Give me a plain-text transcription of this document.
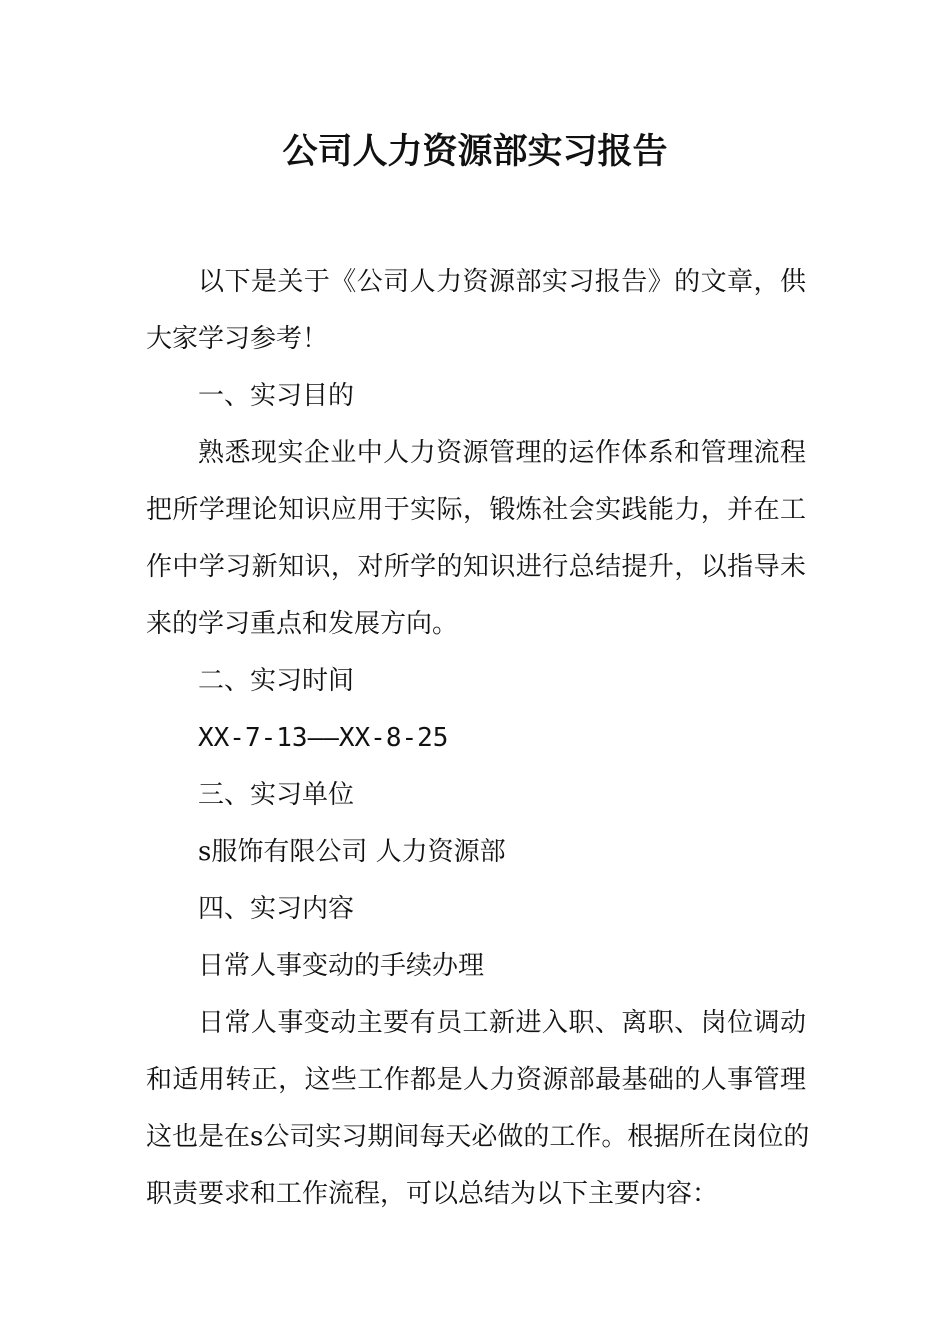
公司人力资源部实习报告
以下是关于《公司人力资源部实习报告》的文章，供
大家学习参考！
一、实习目的
熟悉现实企业中人力资源管理的运作体系和管理流程
把所学理论知识应用于实际，锻炼社会实践能力，并在工
作中学习新知识，对所学的知识进行总结提升，以指导未
来的学习重点和发展方向。
二、实习时间
XX-7-13——XX-8-25
三、实习单位
s服饰有限公司 人力资源部
四、实习内容
日常人事变动的手续办理
日常人事变动主要有员工新进入职、离职、岗位调动
和适用转正，这些工作都是人力资源部最基础的人事管理
这也是在s公司实习期间每天必做的工作。根据所在岗位的
职责要求和工作流程，可以总结为以下主要内容：
